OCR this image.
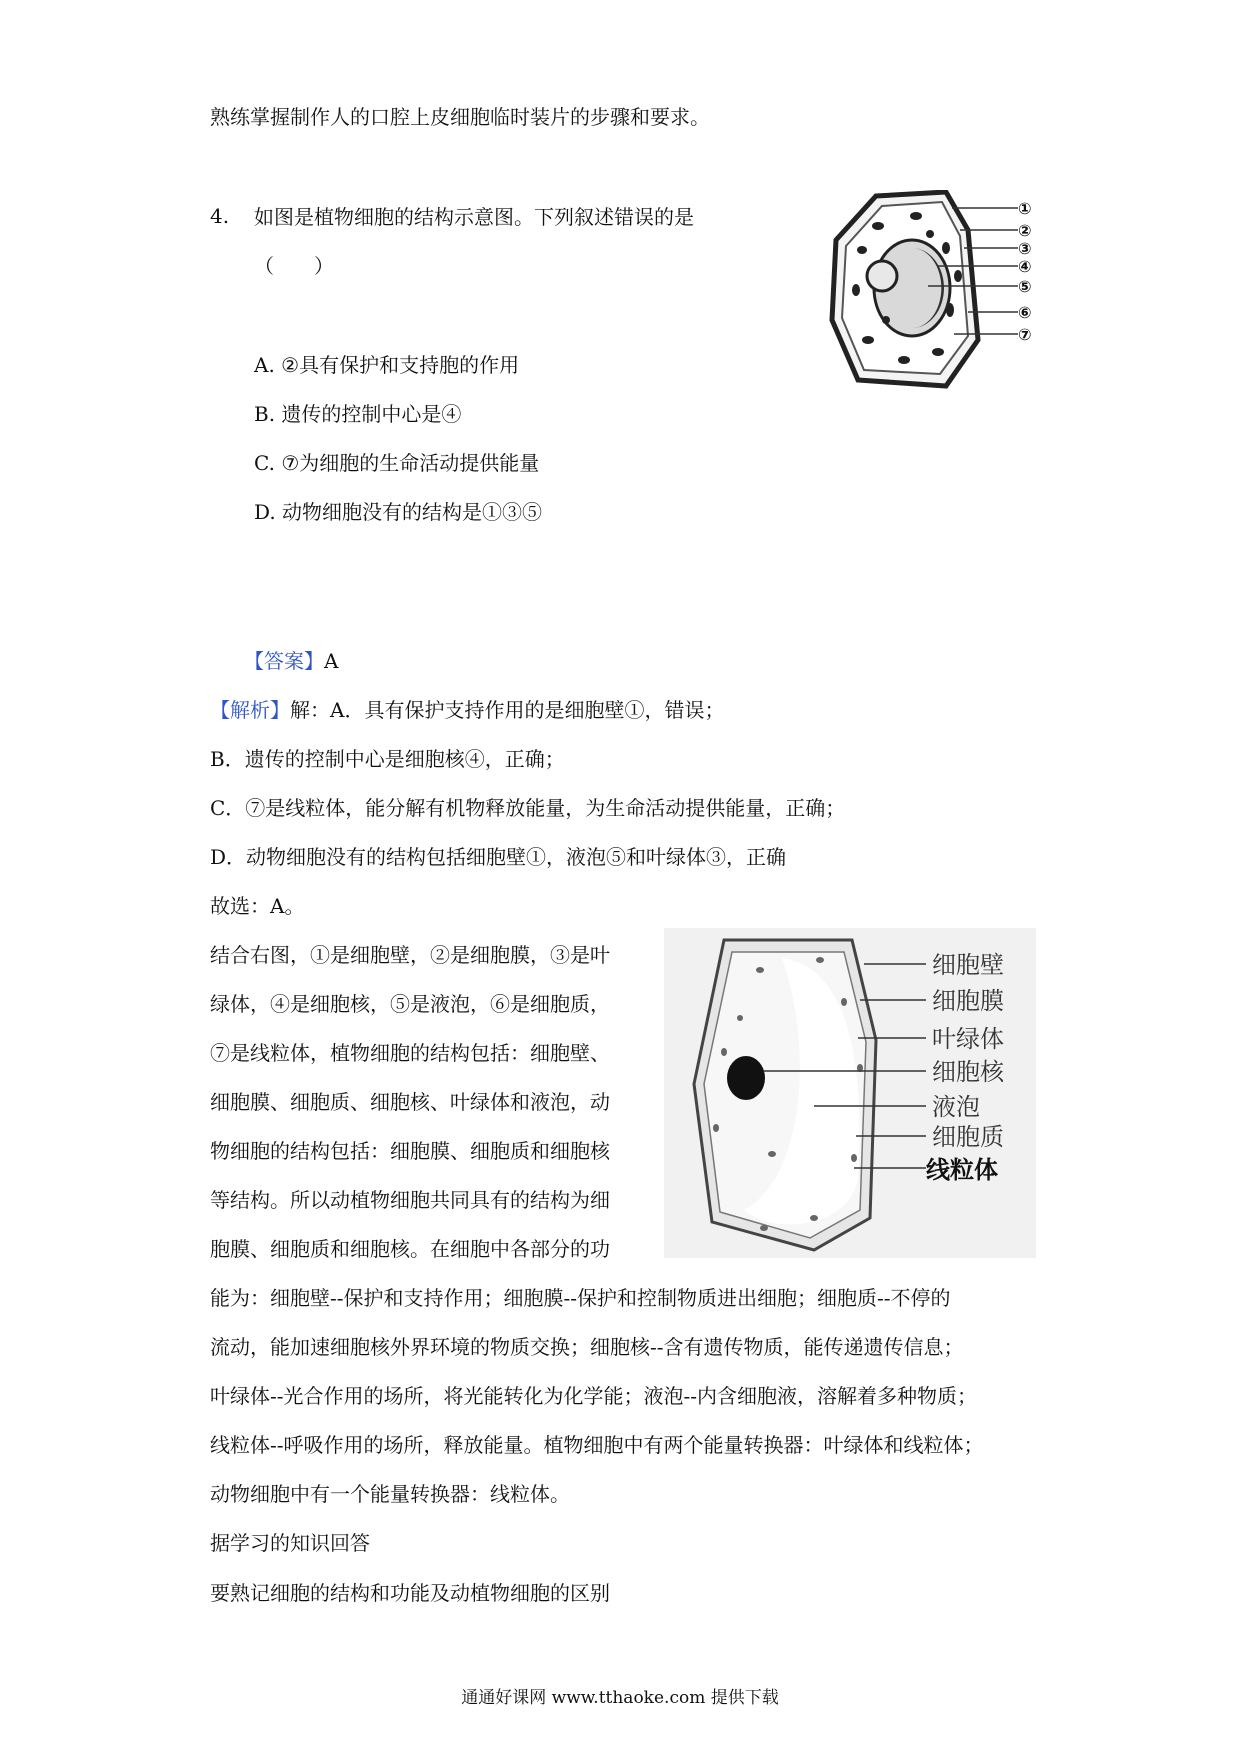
熟练掌握制作人的口腔上皮细胞临时装片的步骤和要求。
4. 如图是植物细胞的结构示意图。下列叙述错误的是
（　　）
A. ②具有保护和支持胞的作用
B. 遗传的控制中心是④
C. ⑦为细胞的生命活动提供能量
D. 动物细胞没有的结构是①③⑤
①
②
③
④
⑤
⑥
⑦
【答案】A
【解析】解：A．具有保护支持作用的是细胞壁①，错误；
B．遗传的控制中心是细胞核④，正确；
C．⑦是线粒体，能分解有机物释放能量，为生命活动提供能量，正确；
D．动物细胞没有的结构包括细胞壁①，液泡⑤和叶绿体③，正确
故选：A。
结合右图，①是细胞壁，②是细胞膜，③是叶
绿体，④是细胞核，⑤是液泡，⑥是细胞质，
⑦是线粒体，植物细胞的结构包括：细胞壁、
细胞膜、细胞质、细胞核、叶绿体和液泡，动
物细胞的结构包括：细胞膜、细胞质和细胞核
等结构。所以动植物细胞共同具有的结构为细
胞膜、细胞质和细胞核。在细胞中各部分的功
细胞壁
细胞膜
叶绿体
细胞核
液泡
细胞质
线粒体
能为：细胞壁--保护和支持作用；细胞膜--保护和控制物质进出细胞；细胞质--不停的
流动，能加速细胞核外界环境的物质交换；细胞核--含有遗传物质，能传递遗传信息；
叶绿体--光合作用的场所，将光能转化为化学能；液泡--内含细胞液，溶解着多种物质；
线粒体--呼吸作用的场所，释放能量。植物细胞中有两个能量转换器：叶绿体和线粒体；
动物细胞中有一个能量转换器：线粒体。
据学习的知识回答
要熟记细胞的结构和功能及动植物细胞的区别
通通好课网 www.tthaoke.com 提供下载
